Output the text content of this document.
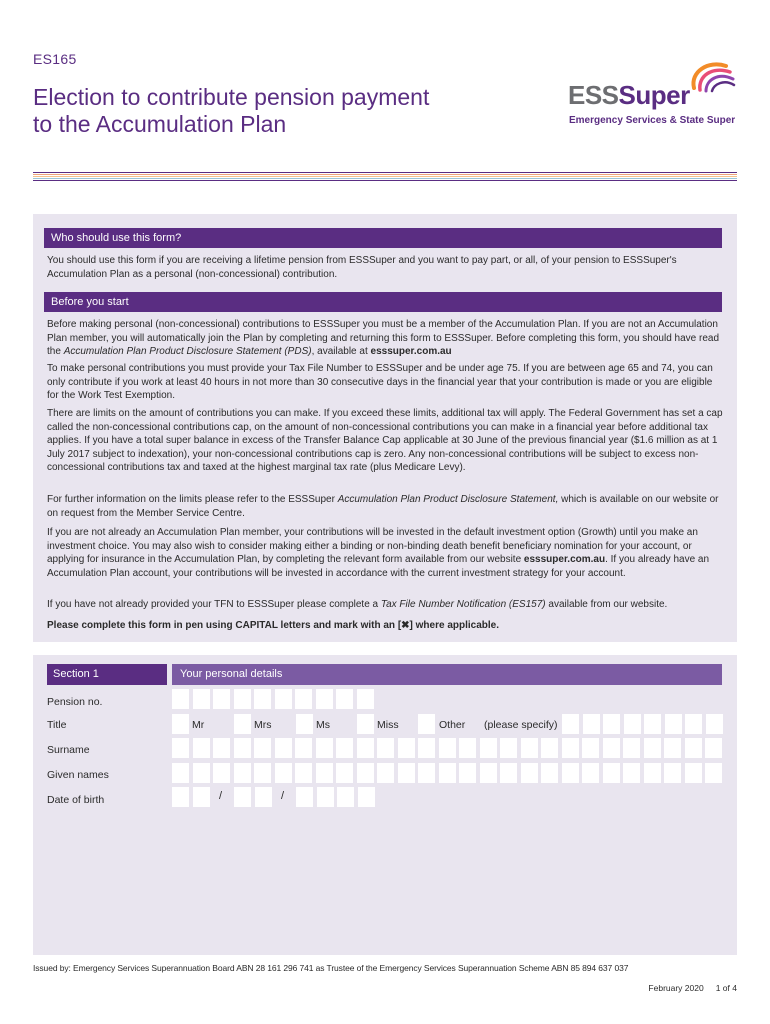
ES165
Election to contribute pension payment to the Accumulation Plan
ESSSuper
Emergency Services & State Super
Who should use this form?

You should use this form if you are receiving a lifetime pension from ESSSuper and you want to pay part, or all, of your pension to ESSSuper's Accumulation Plan as a personal (non-concessional) contribution.

Before you start

Before making personal (non-concessional) contributions to ESSSuper you must be a member of the Accumulation Plan. If you are not an Accumulation Plan member, you will automatically join the Plan by completing and returning this form to ESSSuper. Before completing this form, you should have read the Accumulation Plan Product Disclosure Statement (PDS), available at esssuper.com.au

To make personal contributions you must provide your Tax File Number to ESSSuper and be under age 75. If you are between age 65 and 74, you can only contribute if you work at least 40 hours in not more than 30 consecutive days in the financial year that your contribution is made or you are eligible for the Work Test Exemption.

There are limits on the amount of contributions you can make. If you exceed these limits, additional tax will apply. The Federal Government has set a cap called the non-concessional contributions cap, on the amount of non-concessional contributions you can make in a financial year before additional tax applies. If you have a total super balance in excess of the Transfer Balance Cap applicable at 30 June of the previous financial year ($1.6 million as at 1 July 2017 subject to indexation), your non-concessional contributions cap is zero. Any non-concessional contributions will be subject to excess non-concessional contributions tax and taxed at the highest marginal tax rate (plus Medicare Levy).

For further information on the limits please refer to the ESSSuper Accumulation Plan Product Disclosure Statement, which is available on our website or on request from the Member Service Centre.

If you are not already an Accumulation Plan member, your contributions will be invested in the default investment option (Growth) until you make an investment choice. You may also wish to consider making either a binding or non-binding death benefit beneficiary nomination for your account, or applying for insurance in the Accumulation Plan, by completing the relevant form available from our website esssuper.com.au. If you already have an Accumulation Plan account, your contributions will be invested in accordance with the current investment strategy for your account.

If you have not already provided your TFN to ESSSuper please complete a Tax File Number Notification (ES157) available from our website.

Please complete this form in pen using CAPITAL letters and mark with an [✖] where applicable.

Section 1	Your personal details
Pension no.
Title	Mr	Mrs	Ms	Miss	Other (please specify)
Surname
Given names
Date of birth	/	/
Issued by: Emergency Services Superannuation Board ABN 28 161 296 741 as Trustee of the Emergency Services Superannuation Scheme ABN 85 894 637 037
February 2020 1 of 4
